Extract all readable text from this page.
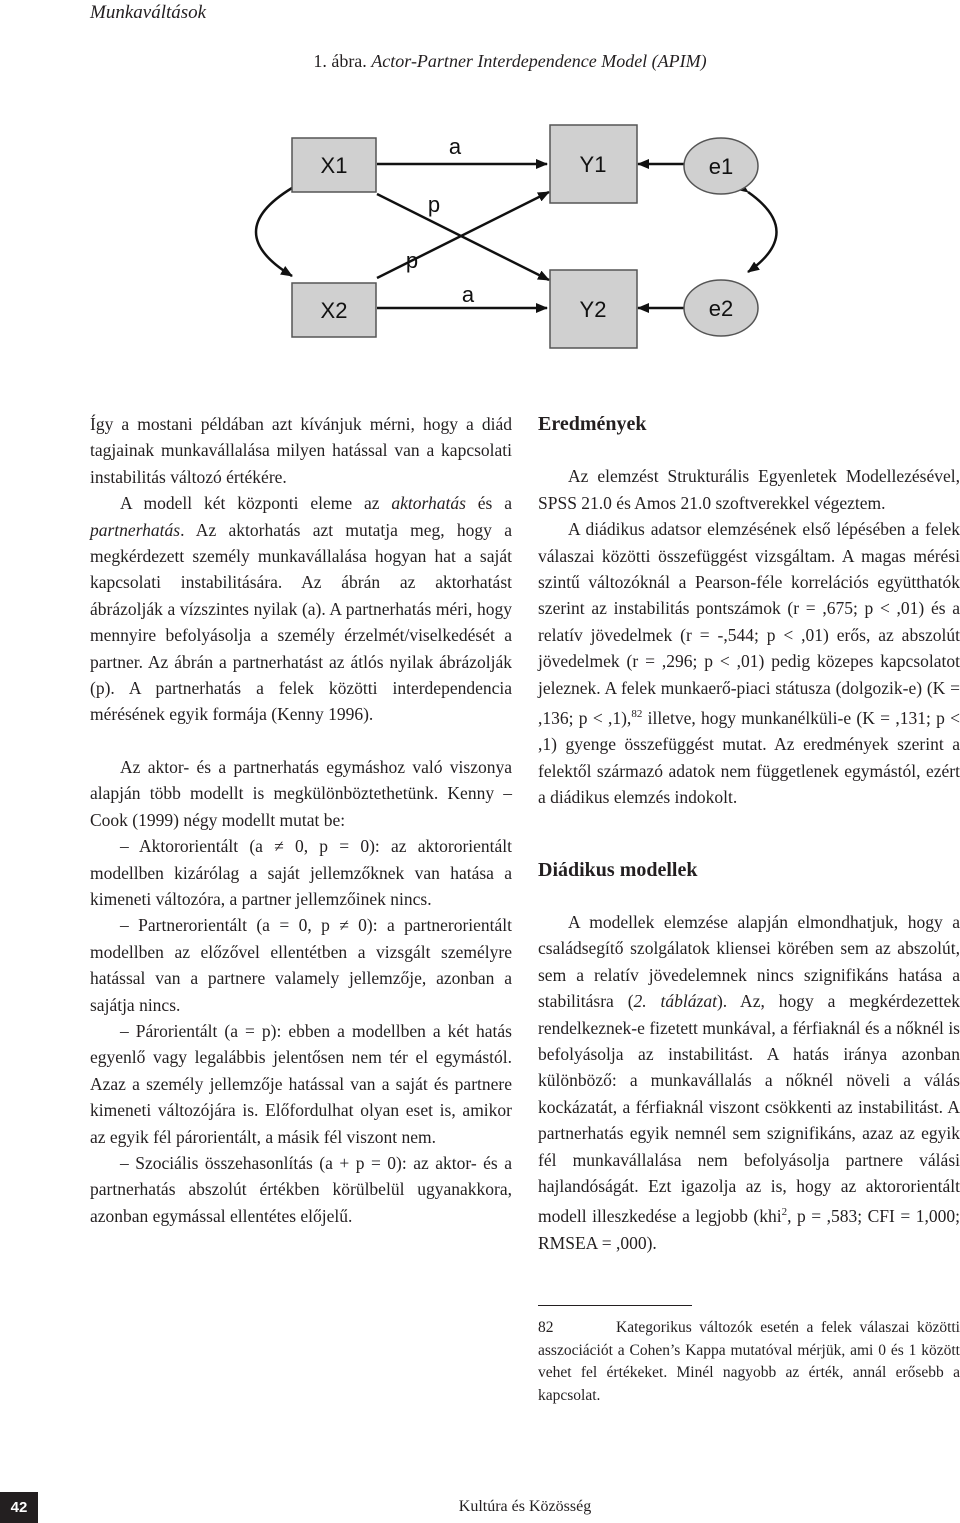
Munkaváltások
1. ábra. Actor-Partner Interdependence Model (APIM)
X1
X2
Y1
Y2
e1
e2
a
p
p
a

Így a mostani példában azt kívánjuk mérni, hogy a diád tagjainak munkavállalása milyen hatással van a kapcsolati instabilitás változó értékére.

A modell két központi eleme az aktorhatás és a partnerhatás. Az aktorhatás azt mutatja meg, hogy a megkérdezett személy munkavállalása hogyan hat a saját kapcsolati instabilitására. Az ábrán az aktorhatást ábrázolják a vízszintes nyilak (a). A partnerhatás méri, hogy mennyire befolyásolja a személy érzelmét/viselkedését a partner. Az ábrán a partnerhatást az átlós nyilak ábrázolják (p). A partnerhatás a felek közötti interdependencia mérésének egyik formája (Kenny 1996).

Az aktor- és a partnerhatás egymáshoz való viszonya alapján több modellt is megkülönböztethetünk. Kenny – Cook (1999) négy modellt mutat be:

– Aktororientált (a ≠ 0, p = 0): az aktororientált modellben kizárólag a saját jellemzőknek van hatása a kimeneti változóra, a partner jellemzőinek nincs.

– Partnerorientált (a = 0, p ≠ 0): a partnerorientált modellben az előzővel ellentétben a vizsgált személyre hatással van a partnere valamely jellemzője, azonban a sajátja nincs.

– Párorientált (a = p): ebben a modellben a két hatás egyenlő vagy legalábbis jelentősen nem tér el egymástól. Azaz a személy jellemzője hatással van a saját és partnere kimeneti változójára is. Előfordulhat olyan eset is, amikor az egyik fél párorientált, a másik fél viszont nem.

– Szociális összehasonlítás (a + p = 0): az aktor- és a partnerhatás abszolút értékben körülbelül ugyanakkora, azonban egymással ellentétes előjelű.

Eredmények

Az elemzést Strukturális Egyenletek Modellezésével, SPSS 21.0 és Amos 21.0 szoftverekkel végeztem.

A diádikus adatsor elemzésének első lépésében a felek válaszai közötti összefüggést vizsgáltam. A magas mérési szintű változóknál a Pearson-féle korrelációs együtthatók szerint az instabilitás pontszámok (r = ,675; p < ,01) és a relatív jövedelmek (r = -,544; p < ,01) erős, az abszolút jövedelmek (r = ,296; p < ,01) pedig közepes kapcsolatot jeleznek. A felek munkaerő-piaci státusza (dolgozik-e) (K = ,136; p < ,1),$^{82}$ illetve, hogy munkanélküli-e (K = ,131; p < ,1) gyenge összefüggést mutat. Az eredmények szerint a felektől származó adatok nem függetlenek egymástól, ezért a diádikus elemzés indokolt.

Diádikus modellek

A modellek elemzése alapján elmondhatjuk, hogy a családsegítő szolgálatok kliensei körében sem az abszolút, sem a relatív jövedelemnek nincs szignifikáns hatása a stabilitásra (2. táblázat). Az, hogy a megkérdezettek rendelkeznek-e fizetett munkával, a férfiaknál és a nőknél is befolyásolja az instabilitást. A hatás iránya azonban különböző: a munkavállalás a nőknél növeli a válás kockázatát, a férfiaknál viszont csökkenti az instabilitást. A partnerhatás egyik nemnél sem szignifikáns, azaz az egyik fél munkavállalása nem befolyásolja partnere válási hajlandóságát. Ezt igazolja az is, hogy az aktororientált modell illeszkedése a legjobb (khi$^2$, p = ,583; CFI = 1,000; RMSEA = ,000).

82	Kategorikus változók esetén a felek válaszai közötti asszociációt a Cohen’s Kappa mutatóval mérjük, ami 0 és 1 között vehet fel értékeket. Minél nagyobb az érték, annál erősebb a kapcsolat.
42	Kultúra és Közösség
